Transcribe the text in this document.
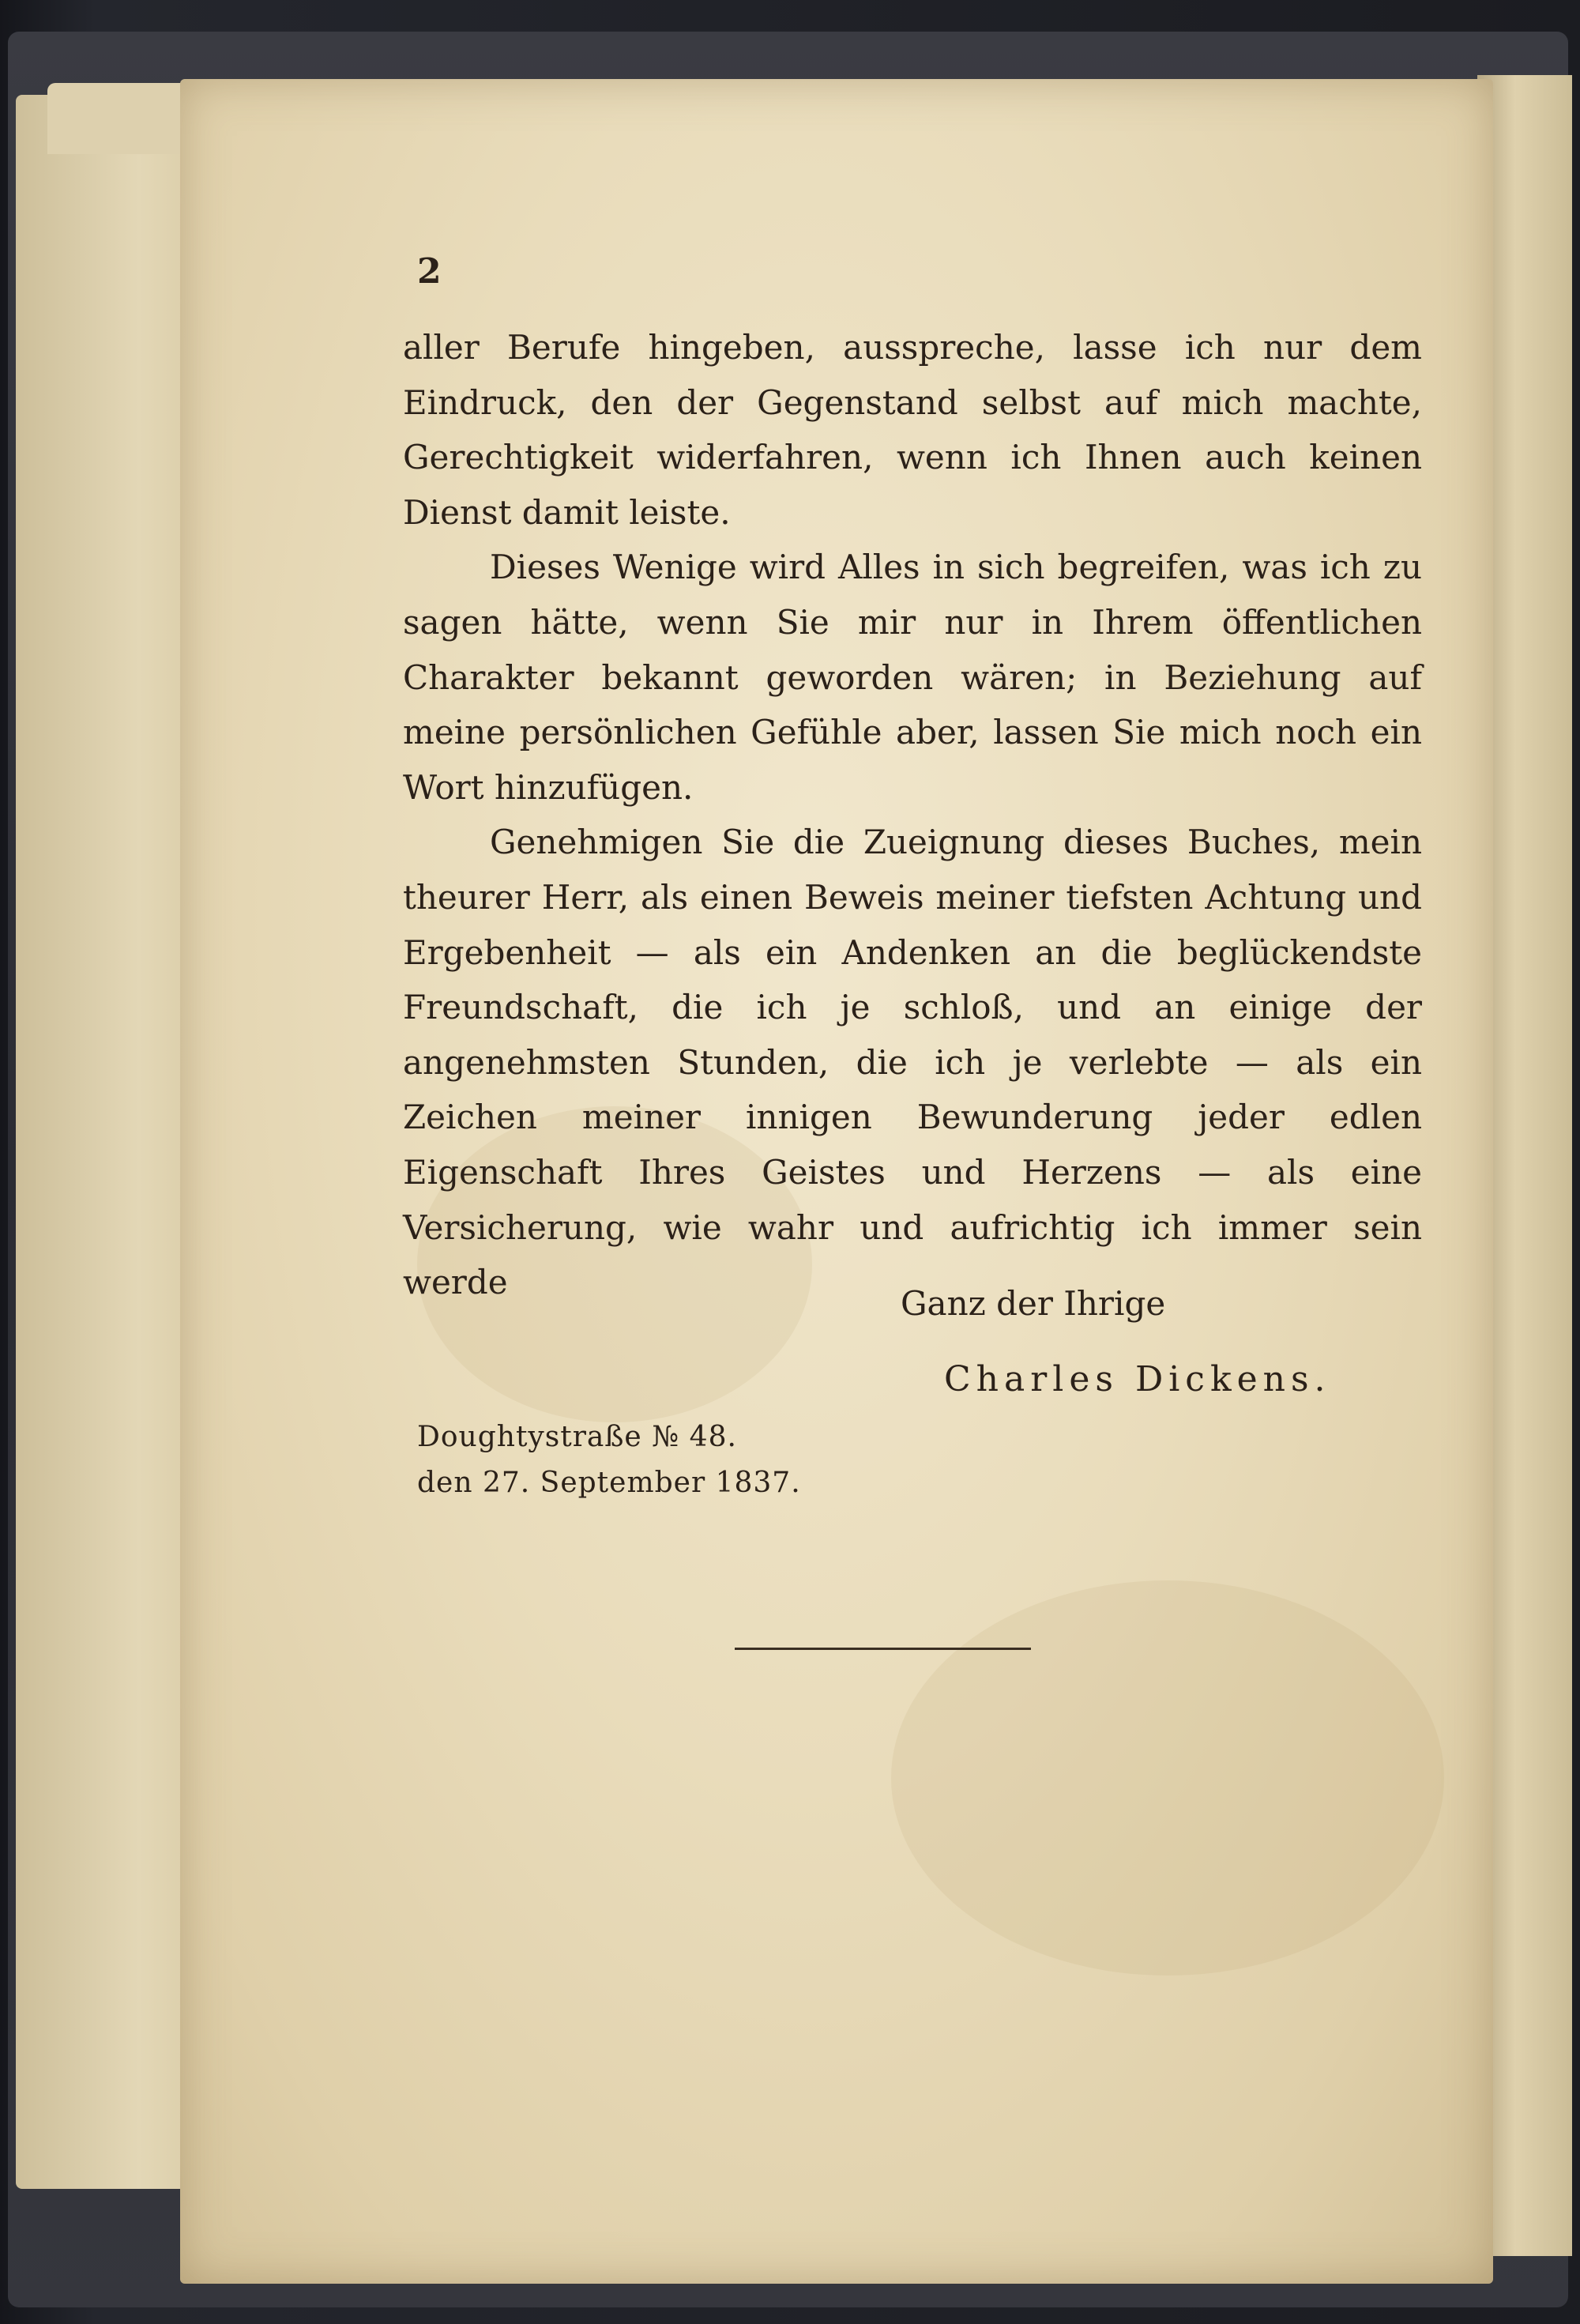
2

aller Berufe hingeben, ausspreche, lasse ich nur dem Eindruck, den der Gegenstand selbst auf mich machte, Gerechtigkeit widerfahren, wenn ich Ihnen auch keinen Dienst damit leiste.

Dieses Wenige wird Alles in sich begreifen, was ich zu sagen hätte, wenn Sie mir nur in Ihrem öffentlichen Charakter bekannt geworden wären; in Beziehung auf meine persönlichen Gefühle aber, lassen Sie mich noch ein Wort hinzufügen.

Genehmigen Sie die Zueignung dieses Buches, mein theurer Herr, als einen Beweis meiner tiefsten Achtung und Ergebenheit — als ein Andenken an die beglückendste Freundschaft, die ich je schloß, und an einige der angenehmsten Stunden, die ich je verlebte — als ein Zeichen meiner innigen Bewunderung jeder edlen Eigenschaft Ihres Geistes und Herzens — als eine Versicherung, wie wahr und aufrichtig ich immer sein werde

Ganz der Ihrige
Charles Dickens.
Doughtystraße № 48.
den 27. September 1837.
